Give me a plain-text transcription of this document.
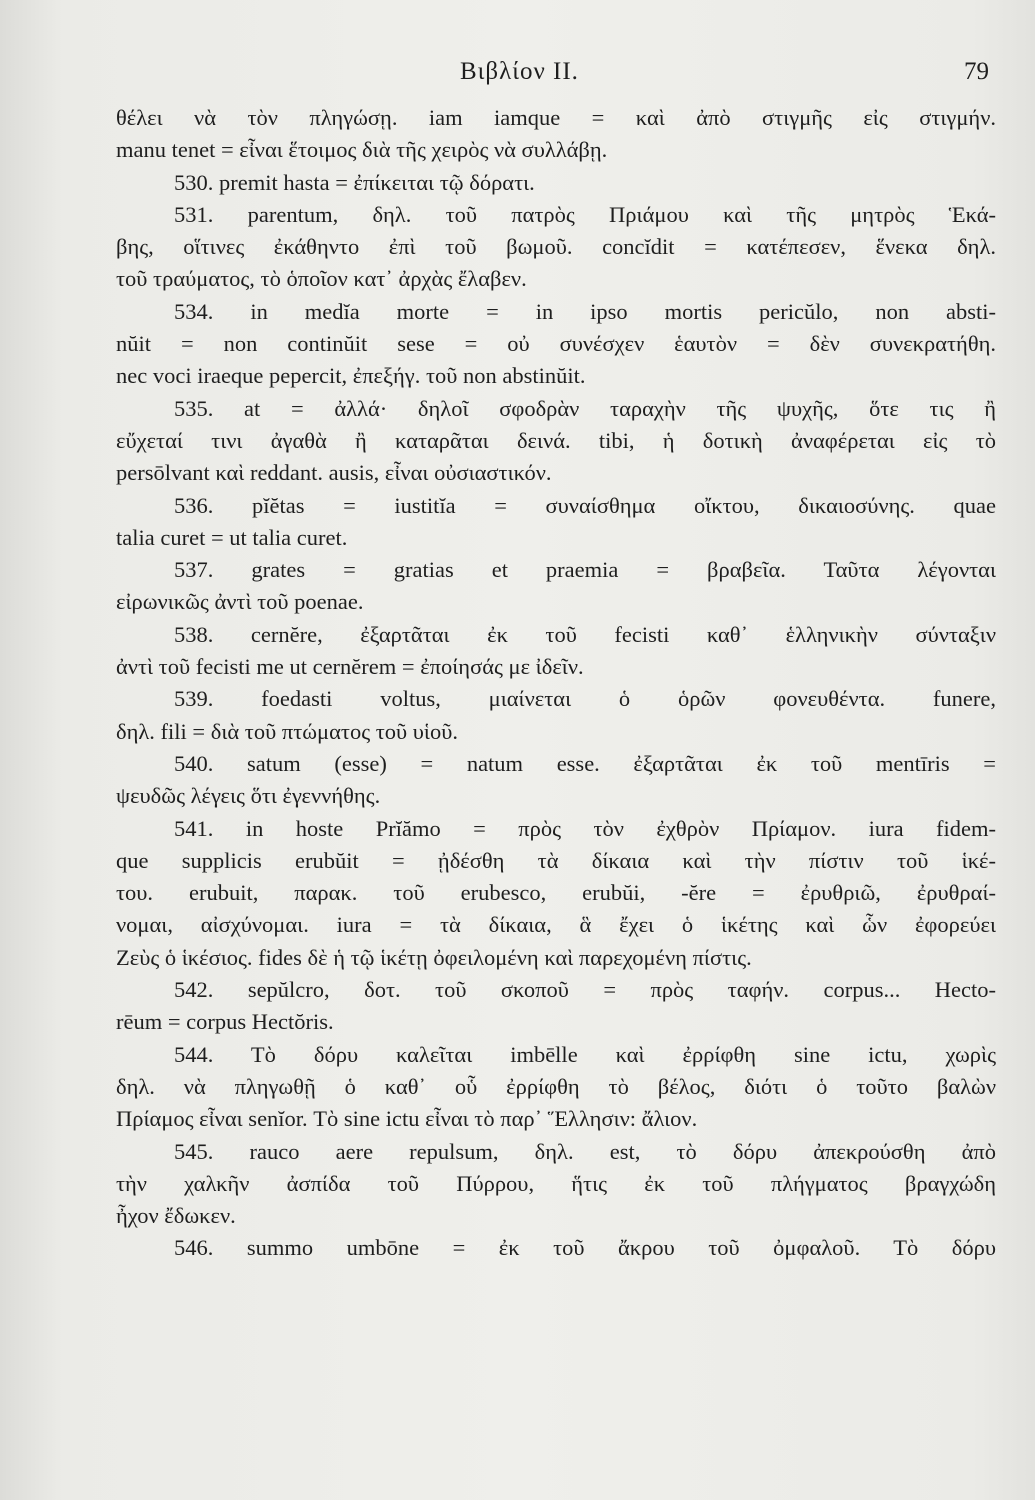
Βιβλίον II.	79
θέλει νὰ τὸν πληγώσῃ. iam iamque = καὶ ἀπὸ στιγμῆς εἰς στιγμήν.
manu tenet = εἶναι ἕτοιμος διὰ τῆς χειρὸς νὰ συλλάβῃ.
530. premit hasta = ἐπίκειται τῷ δόρατι.
531. parentum, δηλ. τοῦ πατρὸς Πριάμου καὶ τῆς μητρὸς Ἑκά-
βης, οἵτινες ἐκάθηντο ἐπὶ τοῦ βωμοῦ. concĭdit = κατέπεσεν, ἕνεκα δηλ.
τοῦ τραύματος, τὸ ὁποῖον κατ᾽ ἀρχὰς ἔλαβεν.
534. in medĭa morte = in ipso mortis pericŭlo, non absti-
nŭit = non continŭit sese = οὐ συνέσχεν ἑαυτὸν = δὲν συνεκρατήθη.
nec voci iraeque pepercit, ἐπεξήγ. τοῦ non abstinŭit.
535. at = ἀλλά· δηλοῖ σφοδρὰν ταραχὴν τῆς ψυχῆς, ὅτε τις ἢ
εὔχεταί τινι ἀγαθὰ ἢ καταρᾶται δεινά. tibi, ἡ δοτικὴ ἀναφέρεται εἰς τὸ
persōlvant καὶ reddant. ausis, εἶναι οὐσιαστικόν.
536. pĭĕtas = iustitĭa = συναίσθημα οἴκτου, δικαιοσύνης. quae
talia curet = ut talia curet.
537. grates = gratias et praemia = βραβεῖα. Ταῦτα λέγονται
εἰρωνικῶς ἀντὶ τοῦ poenae.
538. cernĕre, ἐξαρτᾶται ἐκ τοῦ fecisti καθ᾽ ἑλληνικὴν σύνταξιν
ἀντὶ τοῦ fecisti me ut cernĕrem = ἐποίησάς με ἰδεῖν.
539. foedasti voltus, μιαίνεται ὁ ὁρῶν φονευθέντα. funere,
δηλ. fili = διὰ τοῦ πτώματος τοῦ υἱοῦ.
540. satum (esse) = natum esse. ἐξαρτᾶται ἐκ τοῦ mentīris =
ψευδῶς λέγεις ὅτι ἐγεννήθης.
541. in hoste Prĭămo = πρὸς τὸν ἐχθρὸν Πρίαμον. iura fidem-
que supplicis erubŭit = ᾐδέσθη τὰ δίκαια καὶ τὴν πίστιν τοῦ ἱκέ-
του. erubuit, παρακ. τοῦ erubesco, erubŭi, -ĕre = ἐρυθριῶ, ἐρυθραί-
νομαι, αἰσχύνομαι. iura = τὰ δίκαια, ἃ ἔχει ὁ ἱκέτης καὶ ὧν ἐφορεύει
Ζεὺς ὁ ἱκέσιος. fides δὲ ἡ τῷ ἱκέτῃ ὀφειλομένη καὶ παρεχομένη πίστις.
542. sepŭlcro, δοτ. τοῦ σκοποῦ = πρὸς ταφήν. corpus... Hecto-
rēum = corpus Hectŏris.
544. Τὸ δόρυ καλεῖται imbēlle καὶ ἐρρίφθη sine ictu, χωρὶς
δηλ. νὰ πληγωθῇ ὁ καθ᾽ οὗ ἐρρίφθη τὸ βέλος, διότι ὁ τοῦτο βαλὼν
Πρίαμος εἶναι senĭor. Τὸ sine ictu εἶναι τὸ παρ᾽ Ἕλλησιν: ἄλιον.
545. rauco aere repulsum, δηλ. est, τὸ δόρυ ἀπεκρούσθη ἀπὸ
τὴν χαλκῆν ἀσπίδα τοῦ Πύρρου, ἥτις ἐκ τοῦ πλήγματος βραγχώδη
ἦχον ἔδωκεν.
546. summo umbōne = ἐκ τοῦ ἄκρου τοῦ ὀμφαλοῦ. Τὸ δόρυ
